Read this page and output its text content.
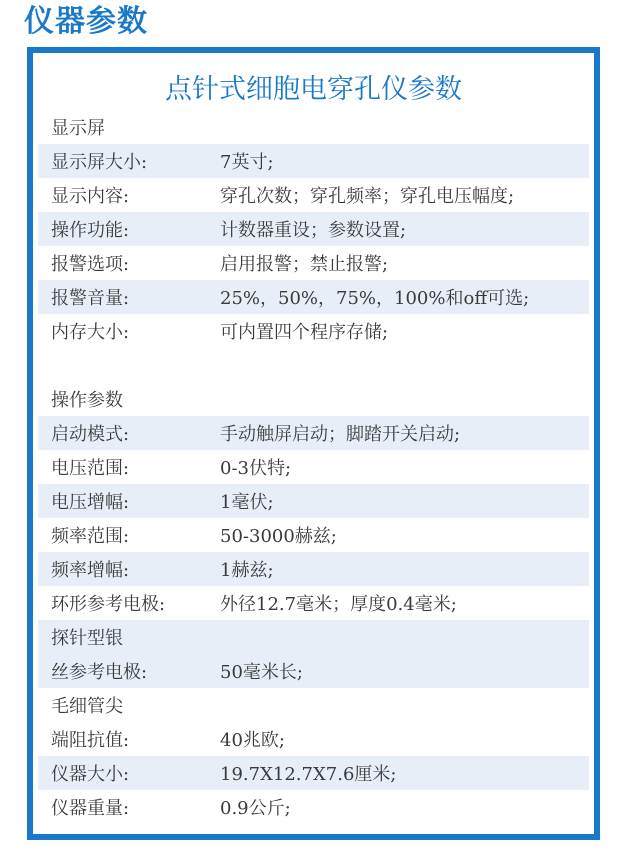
仪器参数
点针式细胞电穿孔仪参数
显示屏
显示屏大小:	7英寸;
显示内容:	穿孔次数；穿孔频率；穿孔电压幅度;
操作功能:	计数器重设；参数设置;
报警选项:	启用报警；禁止报警;
报警音量:	25%，50%，75%，100%和off可选;
内存大小:	可内置四个程序存储;
操作参数
启动模式:	手动触屏启动；脚踏开关启动;
电压范围:	0-3伏特;
电压增幅:	1毫伏;
频率范围:	50-3000赫兹;
频率增幅:	1赫兹;
环形参考电极:	外径12.7毫米；厚度0.4毫米;
探针型银
丝参考电极:	50毫米长;
毛细管尖
端阻抗值:	40兆欧;
仪器大小:	19.7X12.7X7.6厘米;
仪器重量:	0.9公斤;
